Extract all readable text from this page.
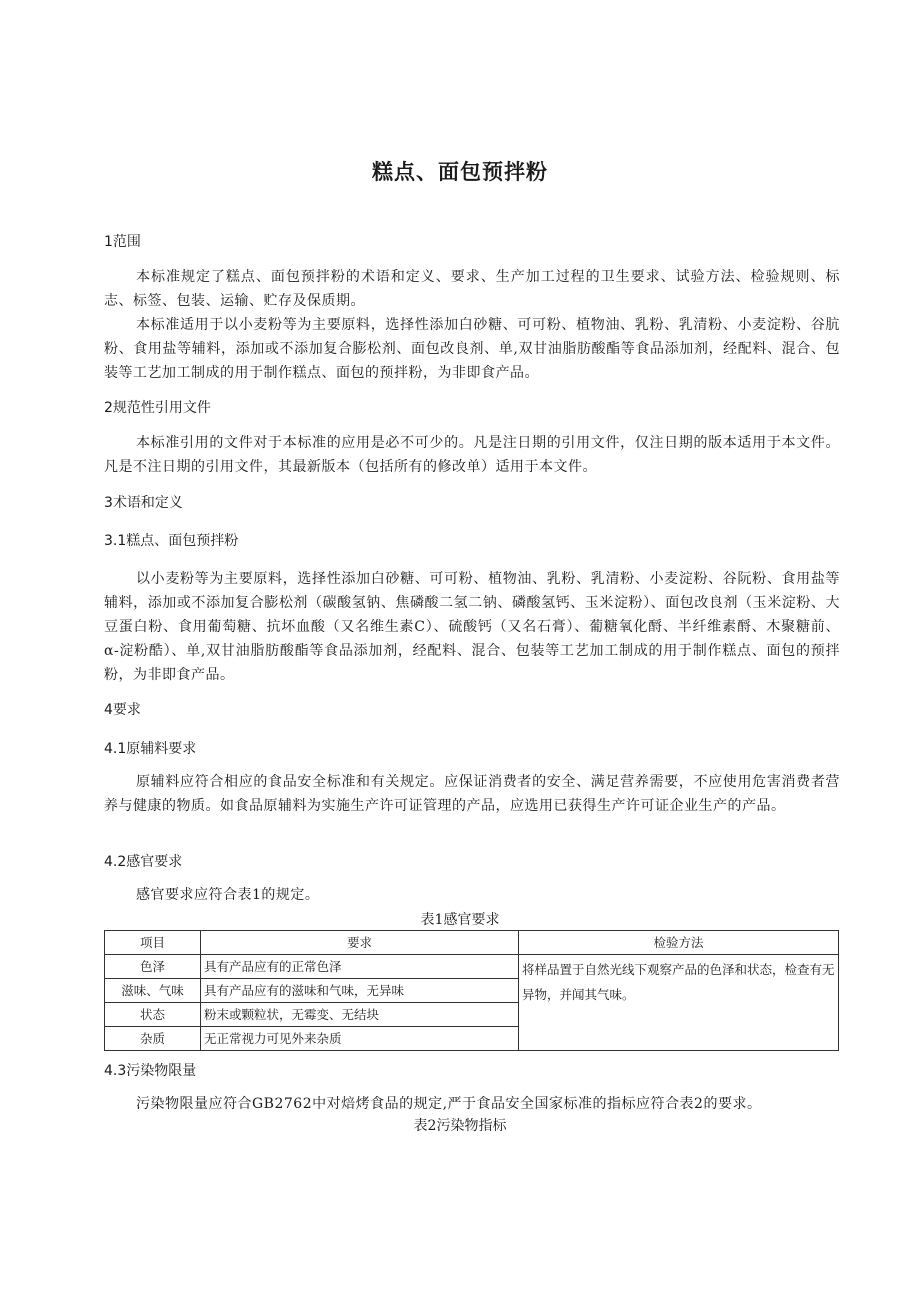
糕点、面包预拌粉
1范围
本标准规定了糕点、面包预拌粉的术语和定义、要求、生产加工过程的卫生要求、试验方法、检验规则、标志、标签、包装、运输、贮存及保质期。
本标准适用于以小麦粉等为主要原料，选择性添加白砂糖、可可粉、植物油、乳粉、乳清粉、小麦淀粉、谷肮粉、食用盐等辅料，添加或不添加复合膨松剂、面包改良剂、单,双甘油脂肪酸酯等食品添加剂，经配料、混合、包装等工艺加工制成的用于制作糕点、面包的预拌粉，为非即食产品。
2规范性引用文件
本标准引用的文件对于本标准的应用是必不可少的。凡是注日期的引用文件，仅注日期的版本适用于本文件。凡是不注日期的引用文件，其最新版本（包括所有的修改单）适用于本文件。
3术语和定义
3.1糕点、面包预拌粉
以小麦粉等为主要原料，选择性添加白砂糖、可可粉、植物油、乳粉、乳清粉、小麦淀粉、谷阮粉、食用盐等辅料，添加或不添加复合膨松剂（碳酸氢钠、焦磷酸二氢二钠、磷酸氢钙、玉米淀粉）、面包改良剂（玉米淀粉、大豆蛋白粉、食用葡萄糖、抗坏血酸（又名维生素C）、硫酸钙（又名石膏）、葡糖氧化酹、半纤维素酹、木聚糖前、α-淀粉酷）、单,双甘油脂肪酸酯等食品添加剂，经配料、混合、包装等工艺加工制成的用于制作糕点、面包的预拌粉，为非即食产品。
4要求
4.1原辅料要求
原辅料应符合相应的食品安全标准和有关规定。应保证消费者的安全、满足营养需要，不应使用危害消费者营养与健康的物质。如食品原辅料为实施生产许可证管理的产品，应选用已获得生产许可证企业生产的产品。
4.2感官要求
感官要求应符合表1的规定。
表1感官要求
项目	要求	检验方法
色泽	具有产品应有的正常色泽	将样品置于自然光线下观察产品的色泽和状态，检查有无异物，并闻其气味。
滋味、气味	具有产品应有的滋味和气味，无异味	
状态	粉末或颗粒状，无霉变、无结块	
杂质	无正常视力可见外来杂质	
4.3污染物限量
污染物限量应符合GB2762中对焙烤食品的规定,严于食品安全国家标准的指标应符合表2的要求。
表2污染物指标
